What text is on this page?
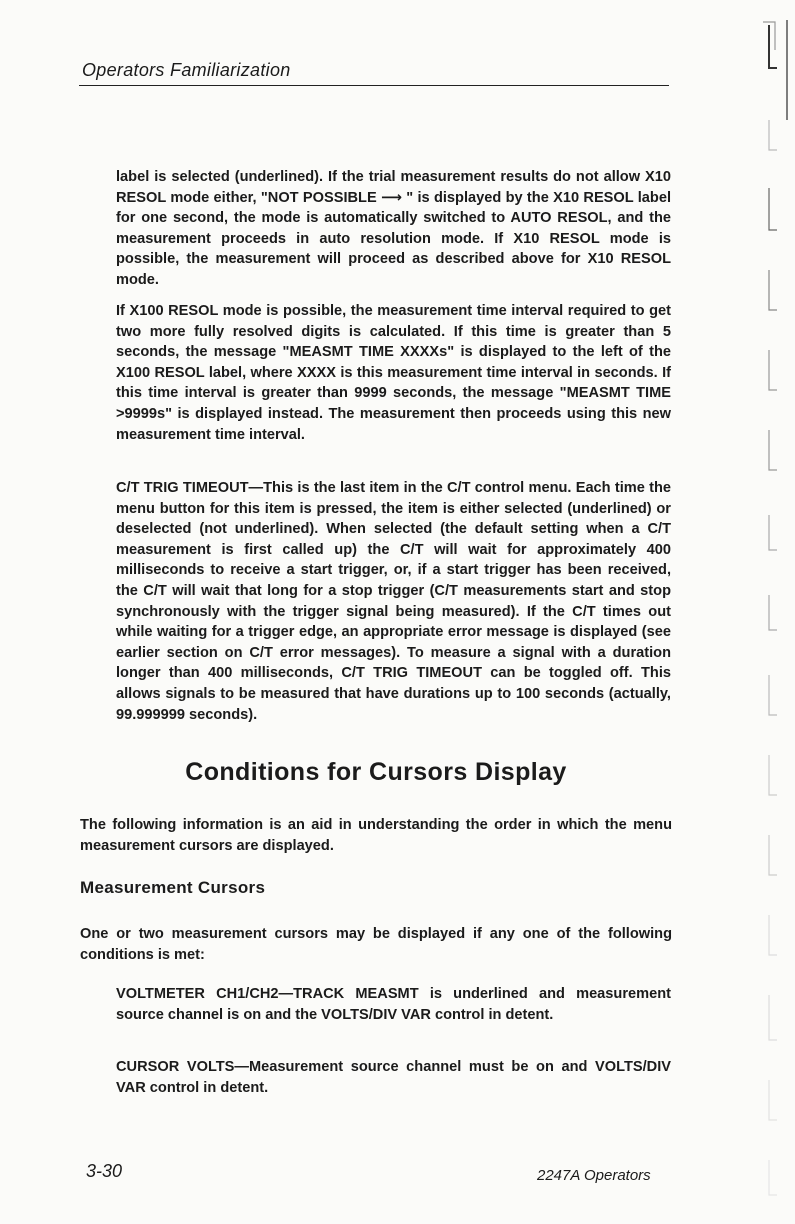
Operators Familiarization
label is selected (underlined). If the trial measurement results do not allow X10 RESOL mode either, "NOT POSSIBLE ⟶ " is displayed by the X10 RESOL label for one second, the mode is automatically switched to AUTO RESOL, and the measurement proceeds in auto resolution mode. If X10 RESOL mode is possible, the measurement will proceed as described above for X10 RESOL mode.
If X100 RESOL mode is possible, the measurement time interval required to get two more fully resolved digits is calculated. If this time is greater than 5 seconds, the message "MEASMT TIME XXXXs" is displayed to the left of the X100 RESOL label, where XXXX is this measurement time interval in seconds. If this time interval is greater than 9999 seconds, the message "MEASMT TIME >9999s" is displayed instead. The measurement then proceeds using this new measurement time interval.
C/T TRIG TIMEOUT—This is the last item in the C/T control menu. Each time the menu button for this item is pressed, the item is either selected (underlined) or deselected (not underlined). When selected (the default setting when a C/T measurement is first called up) the C/T will wait for approximately 400 milliseconds to receive a start trigger, or, if a start trigger has been received, the C/T will wait that long for a stop trigger (C/T measurements start and stop synchronously with the trigger signal being measured). If the C/T times out while waiting for a trigger edge, an appropriate error message is displayed (see earlier section on C/T error messages). To measure a signal with a duration longer than 400 milliseconds, C/T TRIG TIMEOUT can be toggled off. This allows signals to be measured that have durations up to 100 seconds (actually, 99.999999 seconds).
Conditions for Cursors Display
The following information is an aid in understanding the order in which the menu measurement cursors are displayed.
Measurement Cursors
One or two measurement cursors may be displayed if any one of the following conditions is met:
VOLTMETER CH1/CH2—TRACK MEASMT is underlined and measurement source channel is on and the VOLTS/DIV VAR control in detent.
CURSOR VOLTS—Measurement source channel must be on and VOLTS/DIV VAR control in detent.
3-30	2247A Operators
